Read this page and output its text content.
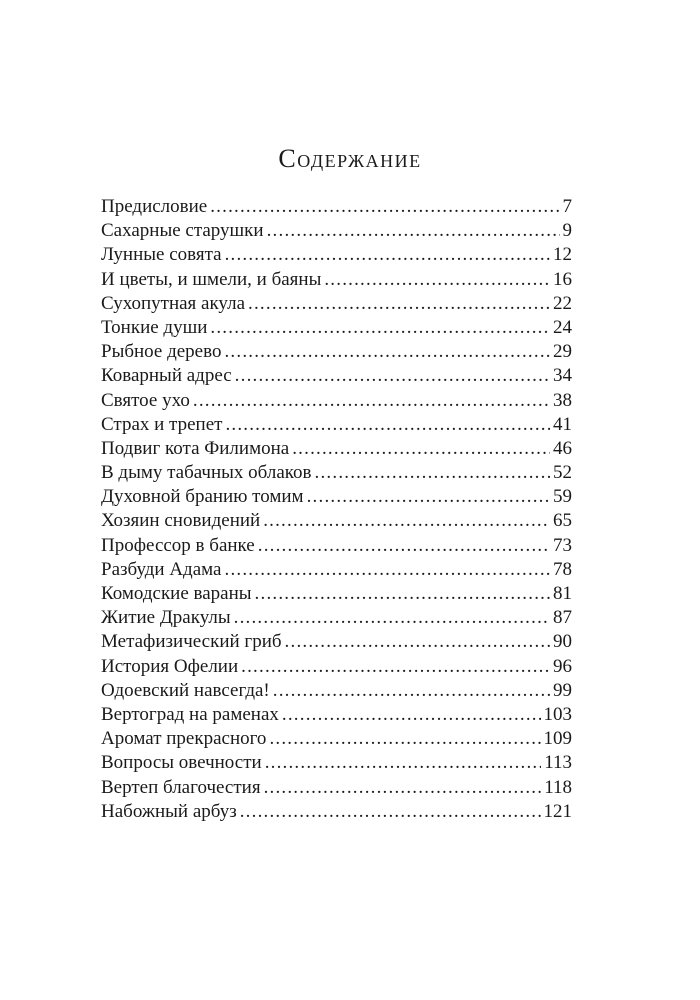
Содержание
Предисловие .....	7
Сахарные старушки .....	9
Лунные совята .....	12
И цветы, и шмели, и баяны .....	16
Сухопутная акула .....	22
Тонкие души .....	24
Рыбное дерево .....	29
Коварный адрес .....	34
Святое ухо .....	38
Страх и трепет .....	41
Подвиг кота Филимона .....	46
В дыму табачных облаков .....	52
Духовной бранию томим .....	59
Хозяин сновидений .....	65
Профессор в банке .....	73
Разбуди Адама .....	78
Комодские вараны .....	81
Житие Дракулы .....	87
Метафизический гриб .....	90
История Офелии .....	96
Одоевский навсегда! .....	99
Вертоград на раменах .....	103
Аромат прекрасного .....	109
Вопросы овечности .....	113
Вертеп благочестия .....	118
Набожный арбуз .....	121
